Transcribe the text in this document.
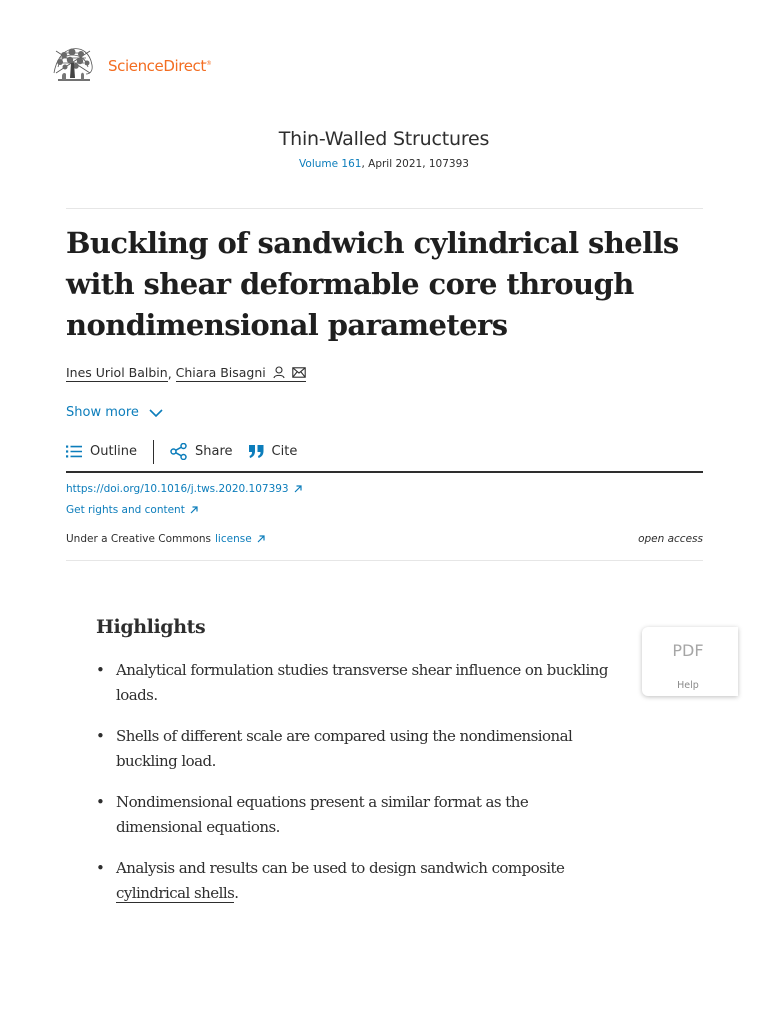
ScienceDirect®
Thin-Walled Structures
Volume 161, April 2021, 107393
Buckling of sandwich cylindrical shells with shear deformable core through nondimensional parameters
Ines Uriol Balbin , Chiara Bisagni
Show more
Outline	Share	Cite
https://doi.org/10.1016/j.tws.2020.107393
Get rights and content
Under a Creative Commons license	open access
Highlights
• Analytical formulation studies transverse shear influence on buckling loads.
• Shells of different scale are compared using the nondimensional buckling load.
• Nondimensional equations present a similar format as the dimensional equations.
• Analysis and results can be used to design sandwich composite
cylindrical shells.
PDF
Help
